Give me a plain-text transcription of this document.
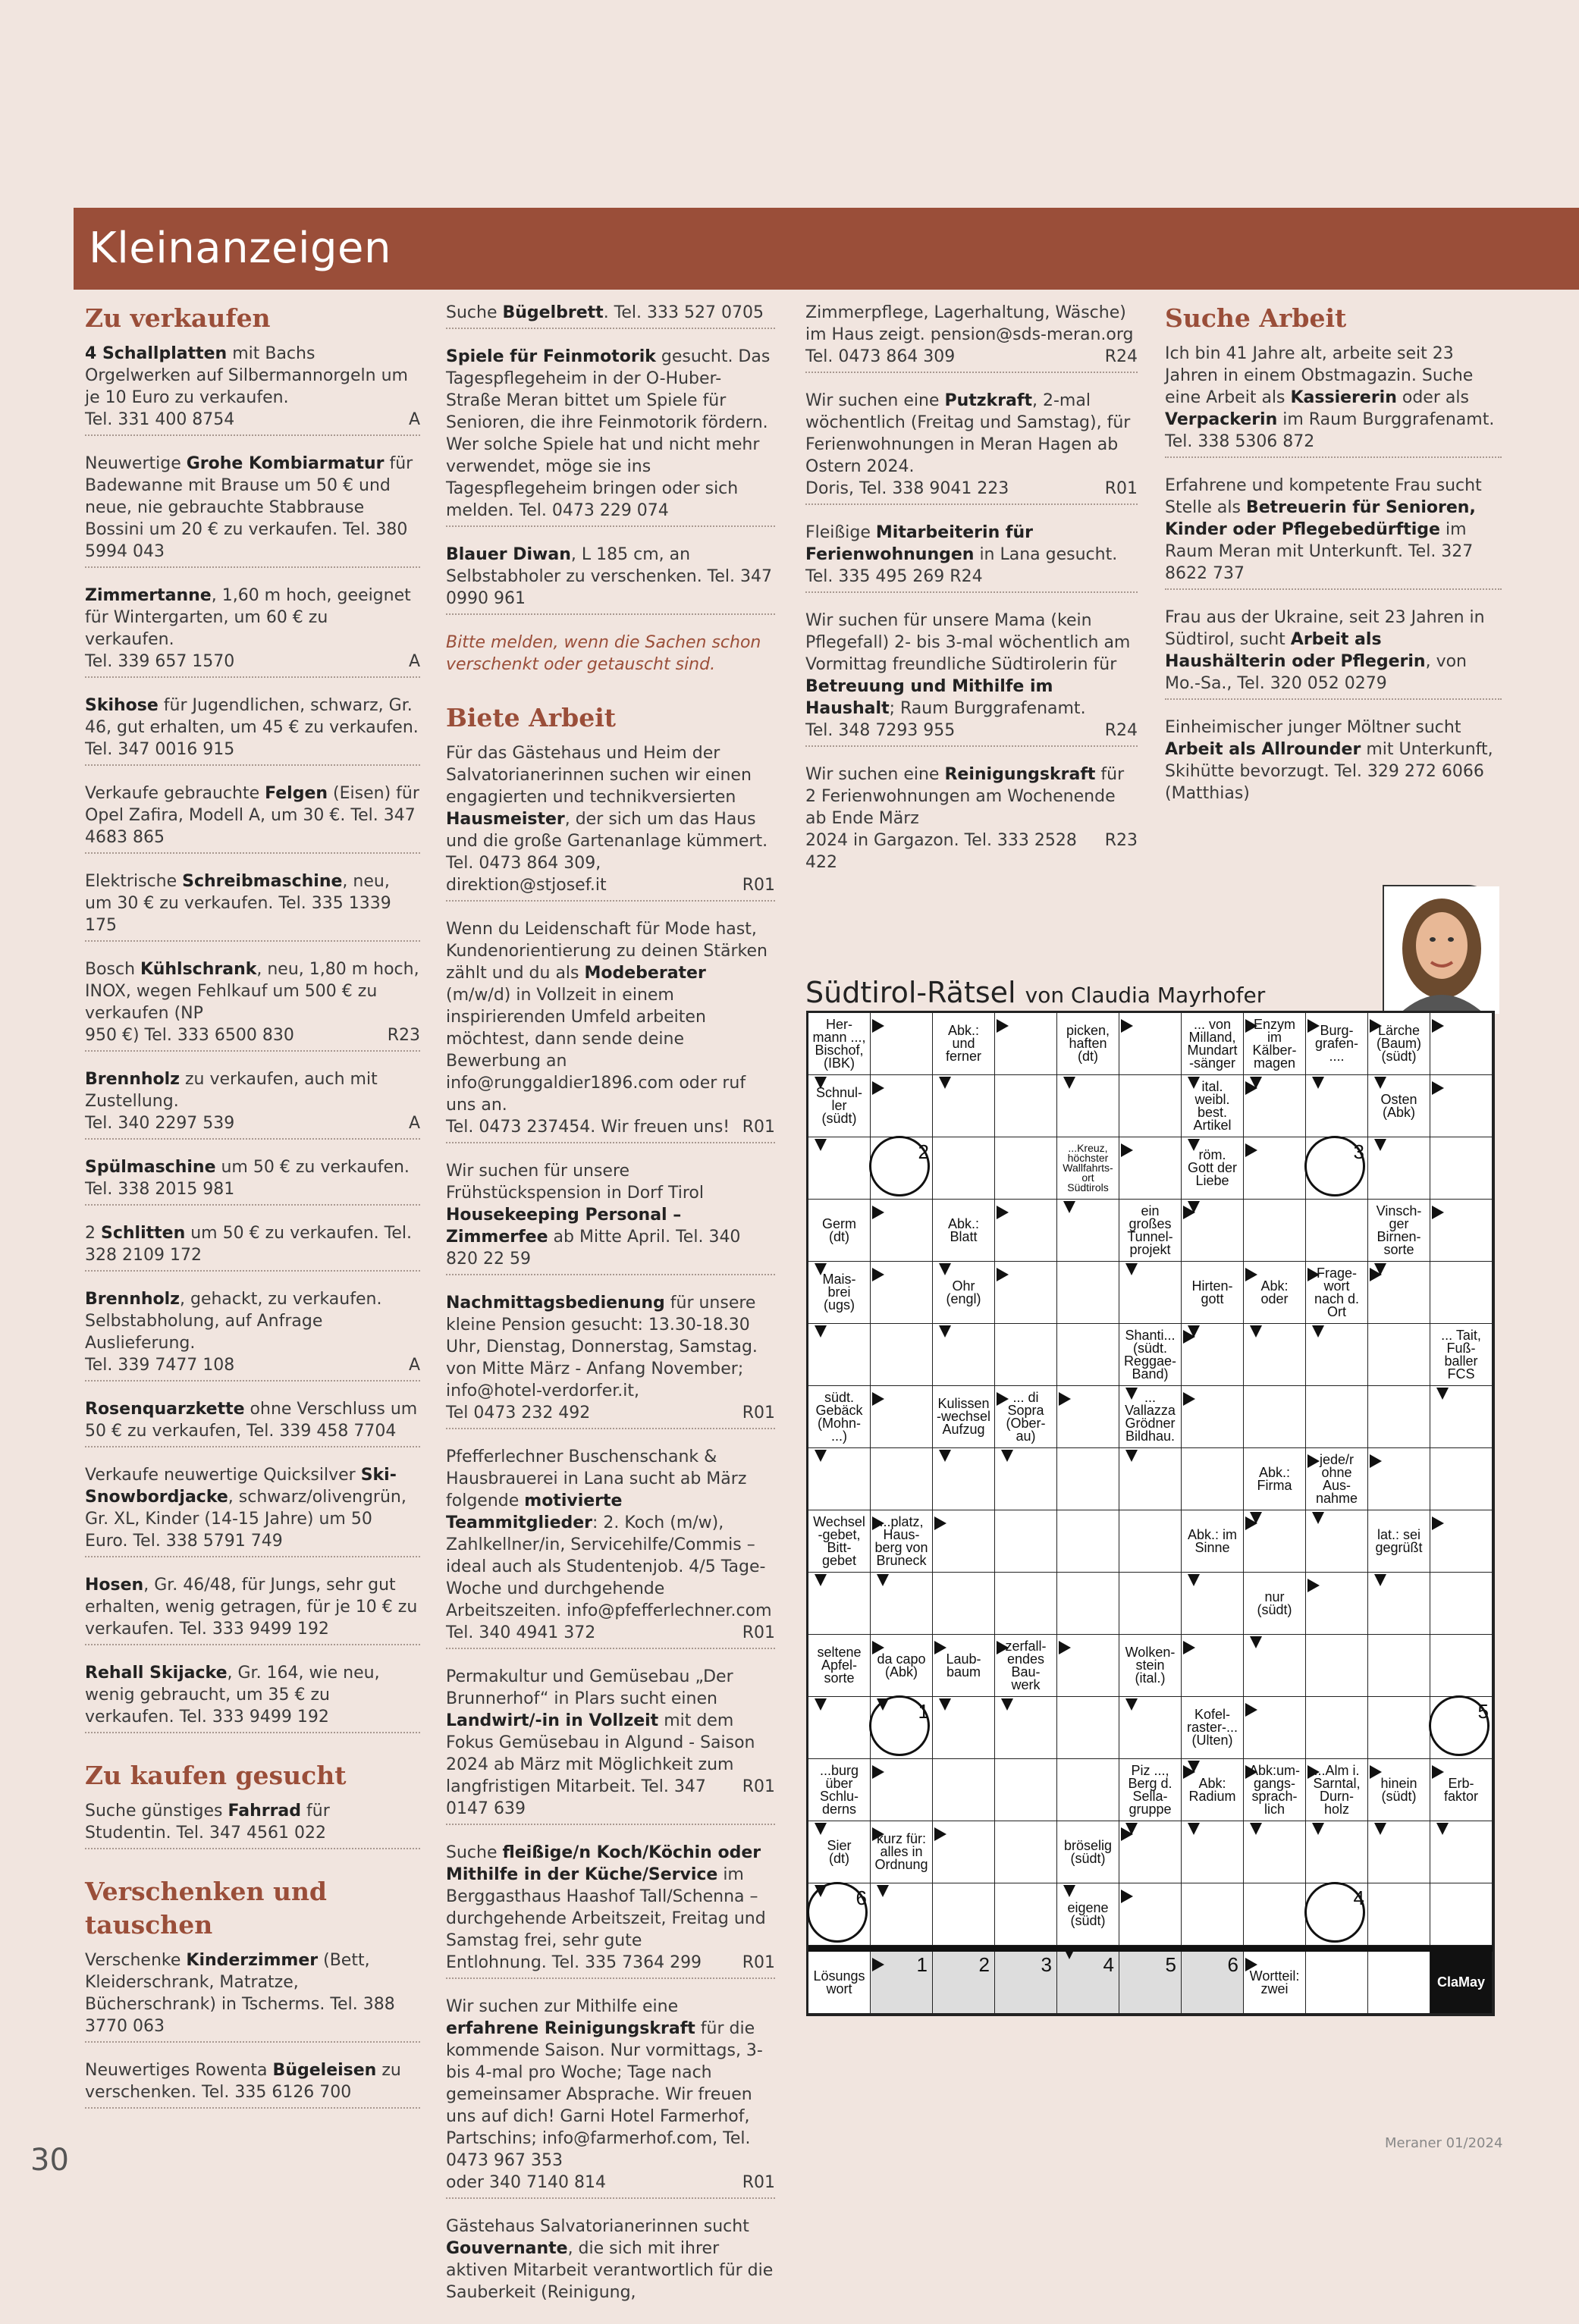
Kleinanzeigen
Zu verkaufen
4 Schallplatten mit Bachs Orgelwerken auf Silbermannorgeln um je 10 Euro zu verkaufen.
Tel. 331 400 8754	A
Neuwertige Grohe Kombiarmatur für Badewanne mit Brause um 50 € und neue, nie gebrauchte Stabbrause Bossini um 20 € zu verkaufen. Tel. 380 5994 043
Zimmertanne, 1,60 m hoch, geeignet für Wintergarten, um 60 € zu verkaufen.
Tel. 339 657 1570	A
Skihose für Jugendlichen, schwarz, Gr. 46, gut erhalten, um 45 € zu verkaufen. Tel. 347 0016 915
Verkaufe gebrauchte Felgen (Eisen) für Opel Zafira, Modell A, um 30 €. Tel. 347 4683 865
Elektrische Schreibmaschine, neu, um 30 € zu verkaufen. Tel. 335 1339 175
Bosch Kühlschrank, neu, 1,80 m hoch, INOX, wegen Fehlkauf um 500 € zu verkaufen (NP
950 €) Tel. 333 6500 830	R23
Brennholz zu verkaufen, auch mit Zustellung.
Tel. 340 2297 539	A
Spülmaschine um 50 € zu verkaufen. Tel. 338 2015 981
2 Schlitten um 50 € zu verkaufen. Tel. 328 2109 172
Brennholz, gehackt, zu verkaufen. Selbstabholung, auf Anfrage Auslieferung.
Tel. 339 7477 108	A
Rosenquarzkette ohne Verschluss um 50 € zu verkaufen, Tel. 339 458 7704
Verkaufe neuwertige Quicksilver Ski-Snowbordjacke, schwarz/olivengrün, Gr. XL, Kinder (14-15 Jahre) um 50 Euro. Tel. 338 5791 749
Hosen, Gr. 46/48, für Jungs, sehr gut erhalten, wenig getragen, für je 10 € zu verkaufen. Tel. 333 9499 192
Rehall Skijacke, Gr. 164, wie neu, wenig gebraucht, um 35 € zu verkaufen. Tel. 333 9499 192
Zu kaufen gesucht
Suche günstiges Fahrrad für Studentin. Tel. 347 4561 022
Verschenken und tauschen
Verschenke Kinderzimmer (Bett, Kleiderschrank, Matratze, Bücherschrank) in Tscherms. Tel. 388 3770 063
Neuwertiges Rowenta Bügeleisen zu verschenken. Tel. 335 6126 700
Suche Bügelbrett. Tel. 333 527 0705
Spiele für Feinmotorik gesucht. Das Tagespflegeheim in der O-Huber-Straße Meran bittet um Spiele für Senioren, die ihre Feinmotorik fördern. Wer solche Spiele hat und nicht mehr verwendet, möge sie ins Tagespflegeheim bringen oder sich melden. Tel. 0473 229 074
Blauer Diwan, L 185 cm, an Selbstabholer zu verschenken. Tel. 347 0990 961
Bitte melden, wenn die Sachen schon verschenkt oder getauscht sind.
Biete Arbeit
Für das Gästehaus und Heim der Salvatorianerinnen suchen wir einen engagierten und technikversierten Hausmeister, der sich um das Haus und die große Gartenanlage kümmert. Tel. 0473 864 309,
direktion@stjosef.it	R01
Wenn du Leidenschaft für Mode hast, Kundenorientierung zu deinen Stärken zählt und du als Modeberater (m/w/d) in Vollzeit in einem inspirierenden Umfeld arbeiten möchtest, dann sende deine Bewerbung an info@runggaldier1896.com oder ruf uns an.
Tel. 0473 237454. Wir freuen uns! R01
Wir suchen für unsere Frühstückspension in Dorf Tirol Housekeeping Personal – Zimmerfee ab Mitte April. Tel. 340 820 22 59
Nachmittagsbedienung für unsere kleine Pension gesucht: 13.30-18.30 Uhr, Dienstag, Donnerstag, Samstag. von Mitte März - Anfang November; info@hotel-verdorfer.it,
Tel 0473 232 492	R01
Pfefferlechner Buschenschank & Hausbrauerei in Lana sucht ab März folgende motivierte Teammitglieder: 2. Koch (m/w), Zahlkellner/in, Servicehilfe/Commis – ideal auch als Studentenjob. 4/5 Tage-Woche und durchgehende Arbeitszeiten. info@pfefferlechner.com
Tel. 340 4941 372	R01
Permakultur und Gemüsebau „Der Brunnerhof“ in Plars sucht einen Landwirt/-in in Vollzeit mit dem Fokus Gemüsebau in Algund - Saison 2024 ab März mit Möglichkeit zum
langfristigen Mitarbeit. Tel. 347 0147 639
R01
Suche fleißige/n Koch/Köchin oder Mithilfe in der Küche/Service im Berggasthaus Haashof Tall/Schenna – durchgehende Arbeitszeit, Freitag und Samstag frei, sehr gute
Entlohnung. Tel. 335 7364 299 R01
Wir suchen zur Mithilfe eine erfahrene Reinigungskraft für die kommende Saison. Nur vormittags, 3- bis 4-mal pro Woche; Tage nach gemeinsamer Absprache. Wir freuen uns auf dich! Garni Hotel Farmerhof, Partschins; info@farmerhof.com, Tel. 0473 967 353
oder 340 7140 814	R01
Gästehaus Salvatorianerinnen sucht Gouvernante, die sich mit ihrer aktiven Mitarbeit verantwortlich für die Sauberkeit (Reinigung,
Zimmerpflege, Lagerhaltung, Wäsche) im Haus zeigt. pension@sds-meran.org
Tel. 0473 864 309	R24
Wir suchen eine Putzkraft, 2-mal wöchentlich (Freitag und Samstag), für Ferienwohnungen in Meran Hagen ab Ostern 2024.
Doris, Tel. 338 9041 223	R01
Fleißige Mitarbeiterin für Ferienwohnungen in Lana gesucht. Tel. 335 495 269 R24
Wir suchen für unsere Mama (kein Pflegefall) 2- bis 3-mal wöchentlich am Vormittag freundliche Südtirolerin für Betreuung und Mithilfe im Haushalt; Raum Burggrafenamt.
Tel. 348 7293 955	R24
Wir suchen eine Reinigungskraft für 2 Ferienwohnungen am Wochenende ab Ende März
2024 in Gargazon. Tel. 333 2528 422
R23
Suche Arbeit
Ich bin 41 Jahre alt, arbeite seit 23 Jahren in einem Obstmagazin. Suche eine Arbeit als Kassiererin oder als Verpackerin im Raum Burggrafenamt. Tel. 338 5306 872
Erfahrene und kompetente Frau sucht Stelle als Betreuerin für Senioren, Kinder oder Pflegebedürftige im Raum Meran mit Unterkunft. Tel. 327 8622 737
Frau aus der Ukraine, seit 23 Jahren in Südtirol, sucht Arbeit als Haushälterin oder Pflegerin, von Mo.-Sa., Tel. 320 052 0279
Einheimischer junger Möltner sucht Arbeit als Allrounder mit Unterkunft, Skihütte bevorzugt. Tel. 329 272 6066 (Matthias)
Südtirol-Rätsel von Claudia Mayrhofer
Her-
mann ...,
Bischof,
(IBK)
Abk.:
und
ferner
picken,
haften
(dt)
... von
Milland,
Mundart
-sänger
Enzym
im
Kälber-
magen
Burg-
grafen-
....
Lärche
(Baum)
(südt)
Schnul-
ler
(südt)
ital.
weibl.
best.
Artikel
Osten
(Abk)
2	...Kreuz,
höchster
Wallfahrts-
ort
Südtirols
röm.
Gott der
Liebe
3
Germ
(dt)
Abk.:
Blatt
ein
großes
Tunnel-
projekt
Vinsch-
ger
Birnen-
sorte
Mais-
brei
(ugs)
Ohr
(engl)
Hirten-
gott
Abk:
oder
Frage-
wort
nach d.
Ort
Shanti...
(südt.
Reggae-
Band)
... Tait,
Fuß-
baller
FCS
südt.
Gebäck
(Mohn-
...)
Kulissen
-wechsel
Aufzug
... di
Sopra
(Ober-
au)
...
Vallazza
Grödner
Bildhau.
Abk.:
Firma
jede/r
ohne
Aus-
nahme
Wechsel
-gebet,
Bitt-
gebet
...platz,
Haus-
berg von
Bruneck
Abk.: im
Sinne
lat.: sei
gegrüßt
nur
(südt)
seltene
Apfel-
sorte
da capo
(Abk)
Laub-
baum
zerfall-
endes
Bau-
werk
Wolken-
stein
(ital.)
1	Kofel-
raster-...
(Ulten)
5
...burg
über
Schlu-
derns
Piz ...,
Berg d.
Sella-
gruppe
Abk:
Radium
Abk:um-
gangs-
sprach-
lich
...Alm i.
Sarntal,
Durn-
holz
hinein
(südt)
Erb-
faktor
Sier
(dt)
kurz für:
alles in
Ordnung
bröselig
(südt)
6	eigene
(südt)
4
Lösungs
wort
1	2	3	4	5	6 Wortteil:
zwei	ClaMay
30	Meraner 01/2024
